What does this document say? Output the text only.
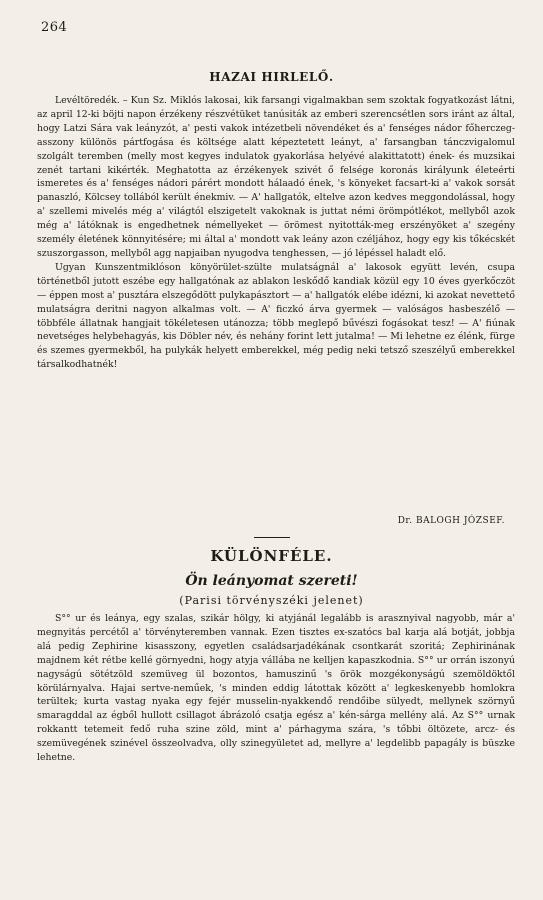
264
HAZAI HIRLELŐ.

Levéltöredék. – Kun Sz. Miklós lakosai, kik farsangi vigalmakban sem szoktak fogyatkozást látni, az april 12-ki böjti napon érzékeny részvétüket tanúsiták az emberi szerencsétlen sors iránt az által, hogy Latzi Sára vak leányzót, a' pesti vakok intézetbeli növendéket és a' fenséges nádor főherczeg-asszony különös pártfogása és költsége alatt képeztetett leányt, a' farsangban tánczvigalomul szolgált teremben (melly most kegyes indulatok gyakorlása helyévé alakittatott) ének- és muzsikai zenét tartani kikérték. Meghatotta az érzékenyek szivét ő felsége koronás királyunk életeérti ismeretes és a' fenséges nádori párért mondott hálaadó ének, 's könyeket facsart-ki a' vakok sorsát panaszló, Kölcsey tollából került énekmiv. — A' hallgatók, eltelve azon kedves meggondolással, hogy a' szellemi mivelés még a' világtól elszigetelt vakoknak is juttat némi örömpótlékot, mellyből azok még a' látóknak is engedhetnek némellyeket — örömest nyitották-meg erszényöket a' szegény személy életének könnyitésére; mi által a' mondott vak leány azon czéljához, hogy egy kis tőkécskét szuszorgasson, mellyből agg napjaiban nyugodva tenghessen, — jó lépéssel haladt elő.

Ugyan Kunszentmiklóson könyörület-szülte mulatságnál a' lakosok együtt levén, csupa történetből jutott eszébe egy hallgatónak az ablakon leskődő kandiak közül egy 10 éves gyerkőczöt — éppen most a' pusztára elszegődött pulykapásztort — a' hallgatók elébe idézni, ki azokat nevettető mulatságra deritni nagyon alkalmas volt. — A' ficzkó árva gyermek — valóságos hasbeszélő — többféle állatnak hangjait tökéletesen utánozza; több meglepő bűvészi fogásokat tesz! — A' fiúnak nevetséges helybehagyás, kis Döbler név, és nehány forint lett jutalma! — Mi lehetne ez élénk, fürge és szemes gyermekből, ha pulykák helyett emberekkel, még pedig neki tetsző szeszélyű emberekkel társalkodhatnék!

Dr. BALOGH JÓZSEF.
KÜLÖNFÉLE.
Ön leányomat szereti!
(Parisi törvényszéki jelenet)

S°° ur és leánya, egy szalas, szikár hölgy, ki atyjánál legalább is arasznyival nagyobb, már a' megnyitás percétől a' törvényteremben vannak. Ezen tisztes ex-szatócs bal karja alá botját, jobbja alá pedig Zephirine kisasszony, egyetlen családsarjadékának csontkarát szoritá; Zephirinának majdnem két rétbe kellé görnyedni, hogy atyja vállába ne kelljen kapaszkodnia. S°° ur orrán iszonyú nagyságú sötétzöld szemüveg ül bozontos, hamuszinű 's örök mozgékonyságú szemöldöktől körülárnyalva. Hajai sertve-neműek, 's minden eddig látottak között a' legkeskenyebb homlokra terültek; kurta vastag nyaka egy fejér musselin-nyakkendő rendőibe sülyedt, mellynek szörnyű smaragddal az égből hullott csillagot ábrázoló csatja egész a' kén-sárga mellény alá. Az S°° urnak rokkantt tetemeit fedő ruha szine zöld, mint a' párhagyma szára, 's tőbbi öltözete, arcz- és szemüvegének szinével összeolvadva, olly szinegyületet ad, mellyre a' legdelibb papagály is büszke lehetne.
